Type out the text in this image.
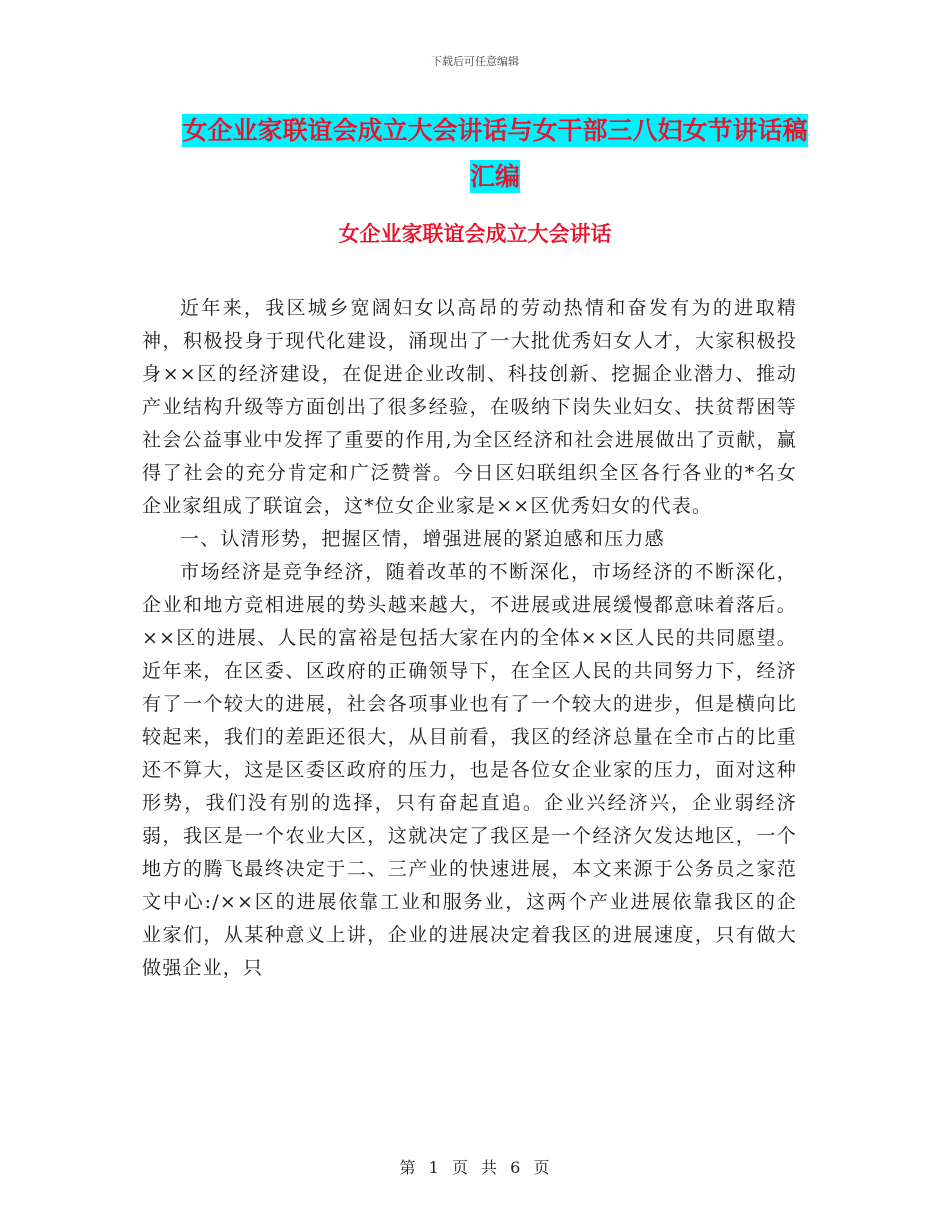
下载后可任意编辑
女企业家联谊会成立大会讲话与女干部三八妇女节讲话稿汇编
女企业家联谊会成立大会讲话

近年来，我区城乡宽阔妇女以高昂的劳动热情和奋发有为的进取精神，积极投身于现代化建设，涌现出了一大批优秀妇女人才，大家积极投身××区的经济建设，在促进企业改制、科技创新、挖掘企业潜力、推动产业结构升级等方面创出了很多经验，在吸纳下岗失业妇女、扶贫帮困等社会公益事业中发挥了重要的作用,为全区经济和社会进展做出了贡献，赢得了社会的充分肯定和广泛赞誉。今日区妇联组织全区各行各业的*名女企业家组成了联谊会，这*位女企业家是××区优秀妇女的代表。

一、认清形势，把握区情，增强进展的紧迫感和压力感

市场经济是竞争经济，随着改革的不断深化，市场经济的不断深化，企业和地方竞相进展的势头越来越大，不进展或进展缓慢都意味着落后。××区的进展、人民的富裕是包括大家在内的全体××区人民的共同愿望。近年来，在区委、区政府的正确领导下，在全区人民的共同努力下，经济有了一个较大的进展，社会各项事业也有了一个较大的进步，但是横向比较起来，我们的差距还很大，从目前看，我区的经济总量在全市占的比重还不算大，这是区委区政府的压力，也是各位女企业家的压力，面对这种形势，我们没有别的选择，只有奋起直追。企业兴经济兴，企业弱经济弱，我区是一个农业大区，这就决定了我区是一个经济欠发达地区，一个地方的腾飞最终决定于二、三产业的快速进展，本文来源于公务员之家范文中心:/××区的进展依靠工业和服务业，这两个产业进展依靠我区的企业家们，从某种意义上讲，企业的进展决定着我区的进展速度，只有做大做强企业，只

第 1 页 共 6 页
